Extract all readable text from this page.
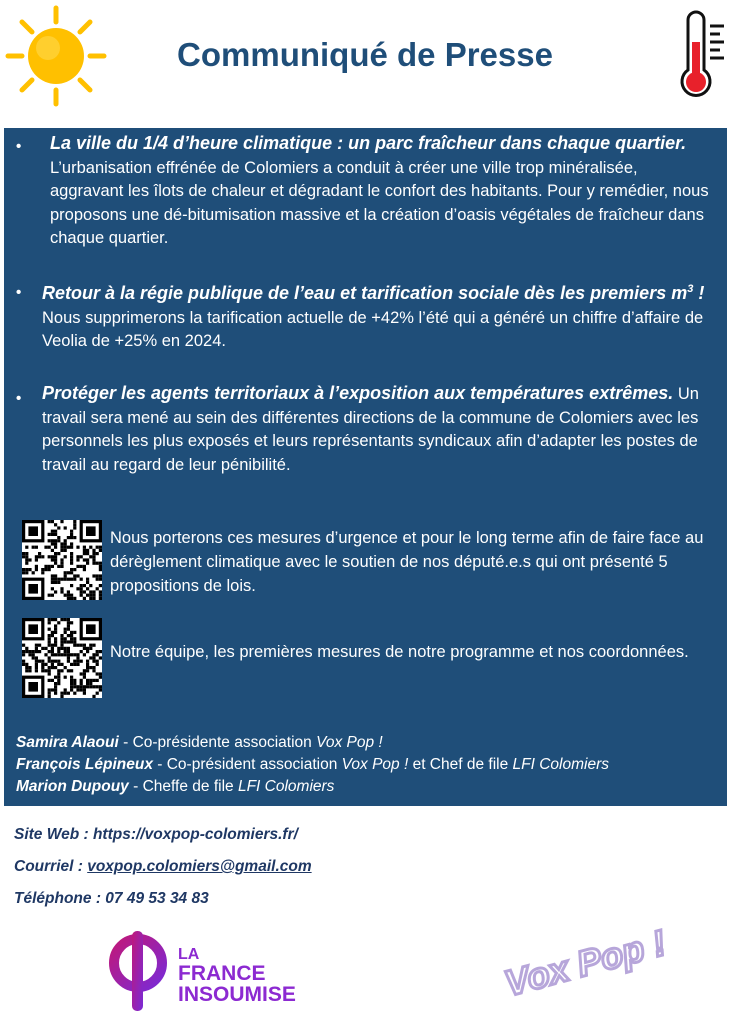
Communiqué de Presse
• La ville du 1/4 d’heure climatique : un parc fraîcheur dans chaque quartier. L’urbanisation effrénée de Colomiers a conduit à créer une ville trop minéralisée, aggravant les îlots de chaleur et dégradant le confort des habitants. Pour y remédier, nous proposons une dé-bitumisation massive et la création d’oasis végétales de fraîcheur dans chaque quartier.
• Retour à la régie publique de l’eau et tarification sociale dès les premiers $m^3$ ! Nous supprimerons la tarification actuelle de +42% l’été qui a généré un chiffre d’affaire de Veolia de +25% en 2024.
• Protéger les agents territoriaux à l’exposition aux températures extrêmes. Un travail sera mené au sein des différentes directions de la commune de Colomiers avec les personnels les plus exposés et leurs représentants syndicaux afin d’adapter les postes de travail au regard de leur pénibilité.
Nous porterons ces mesures d’urgence et pour le long terme afin de faire face au dérèglement climatique avec le soutien de nos député.e.s qui ont présenté 5 propositions de lois.
Notre équipe, les premières mesures de notre programme et nos coordonnées.
Samira Alaoui - Co-présidente association Vox Pop !
François Lépineux - Co-président association Vox Pop ! et Chef de file LFI Colomiers
Marion Dupouy - Cheffe de file LFI Colomiers
Site Web : https://voxpop-colomiers.fr/
Courriel : voxpop.colomiers@gmail.com
Téléphone : 07 49 53 34 83
LA
FRANCE
INSOUMISE	Vox Pop !
